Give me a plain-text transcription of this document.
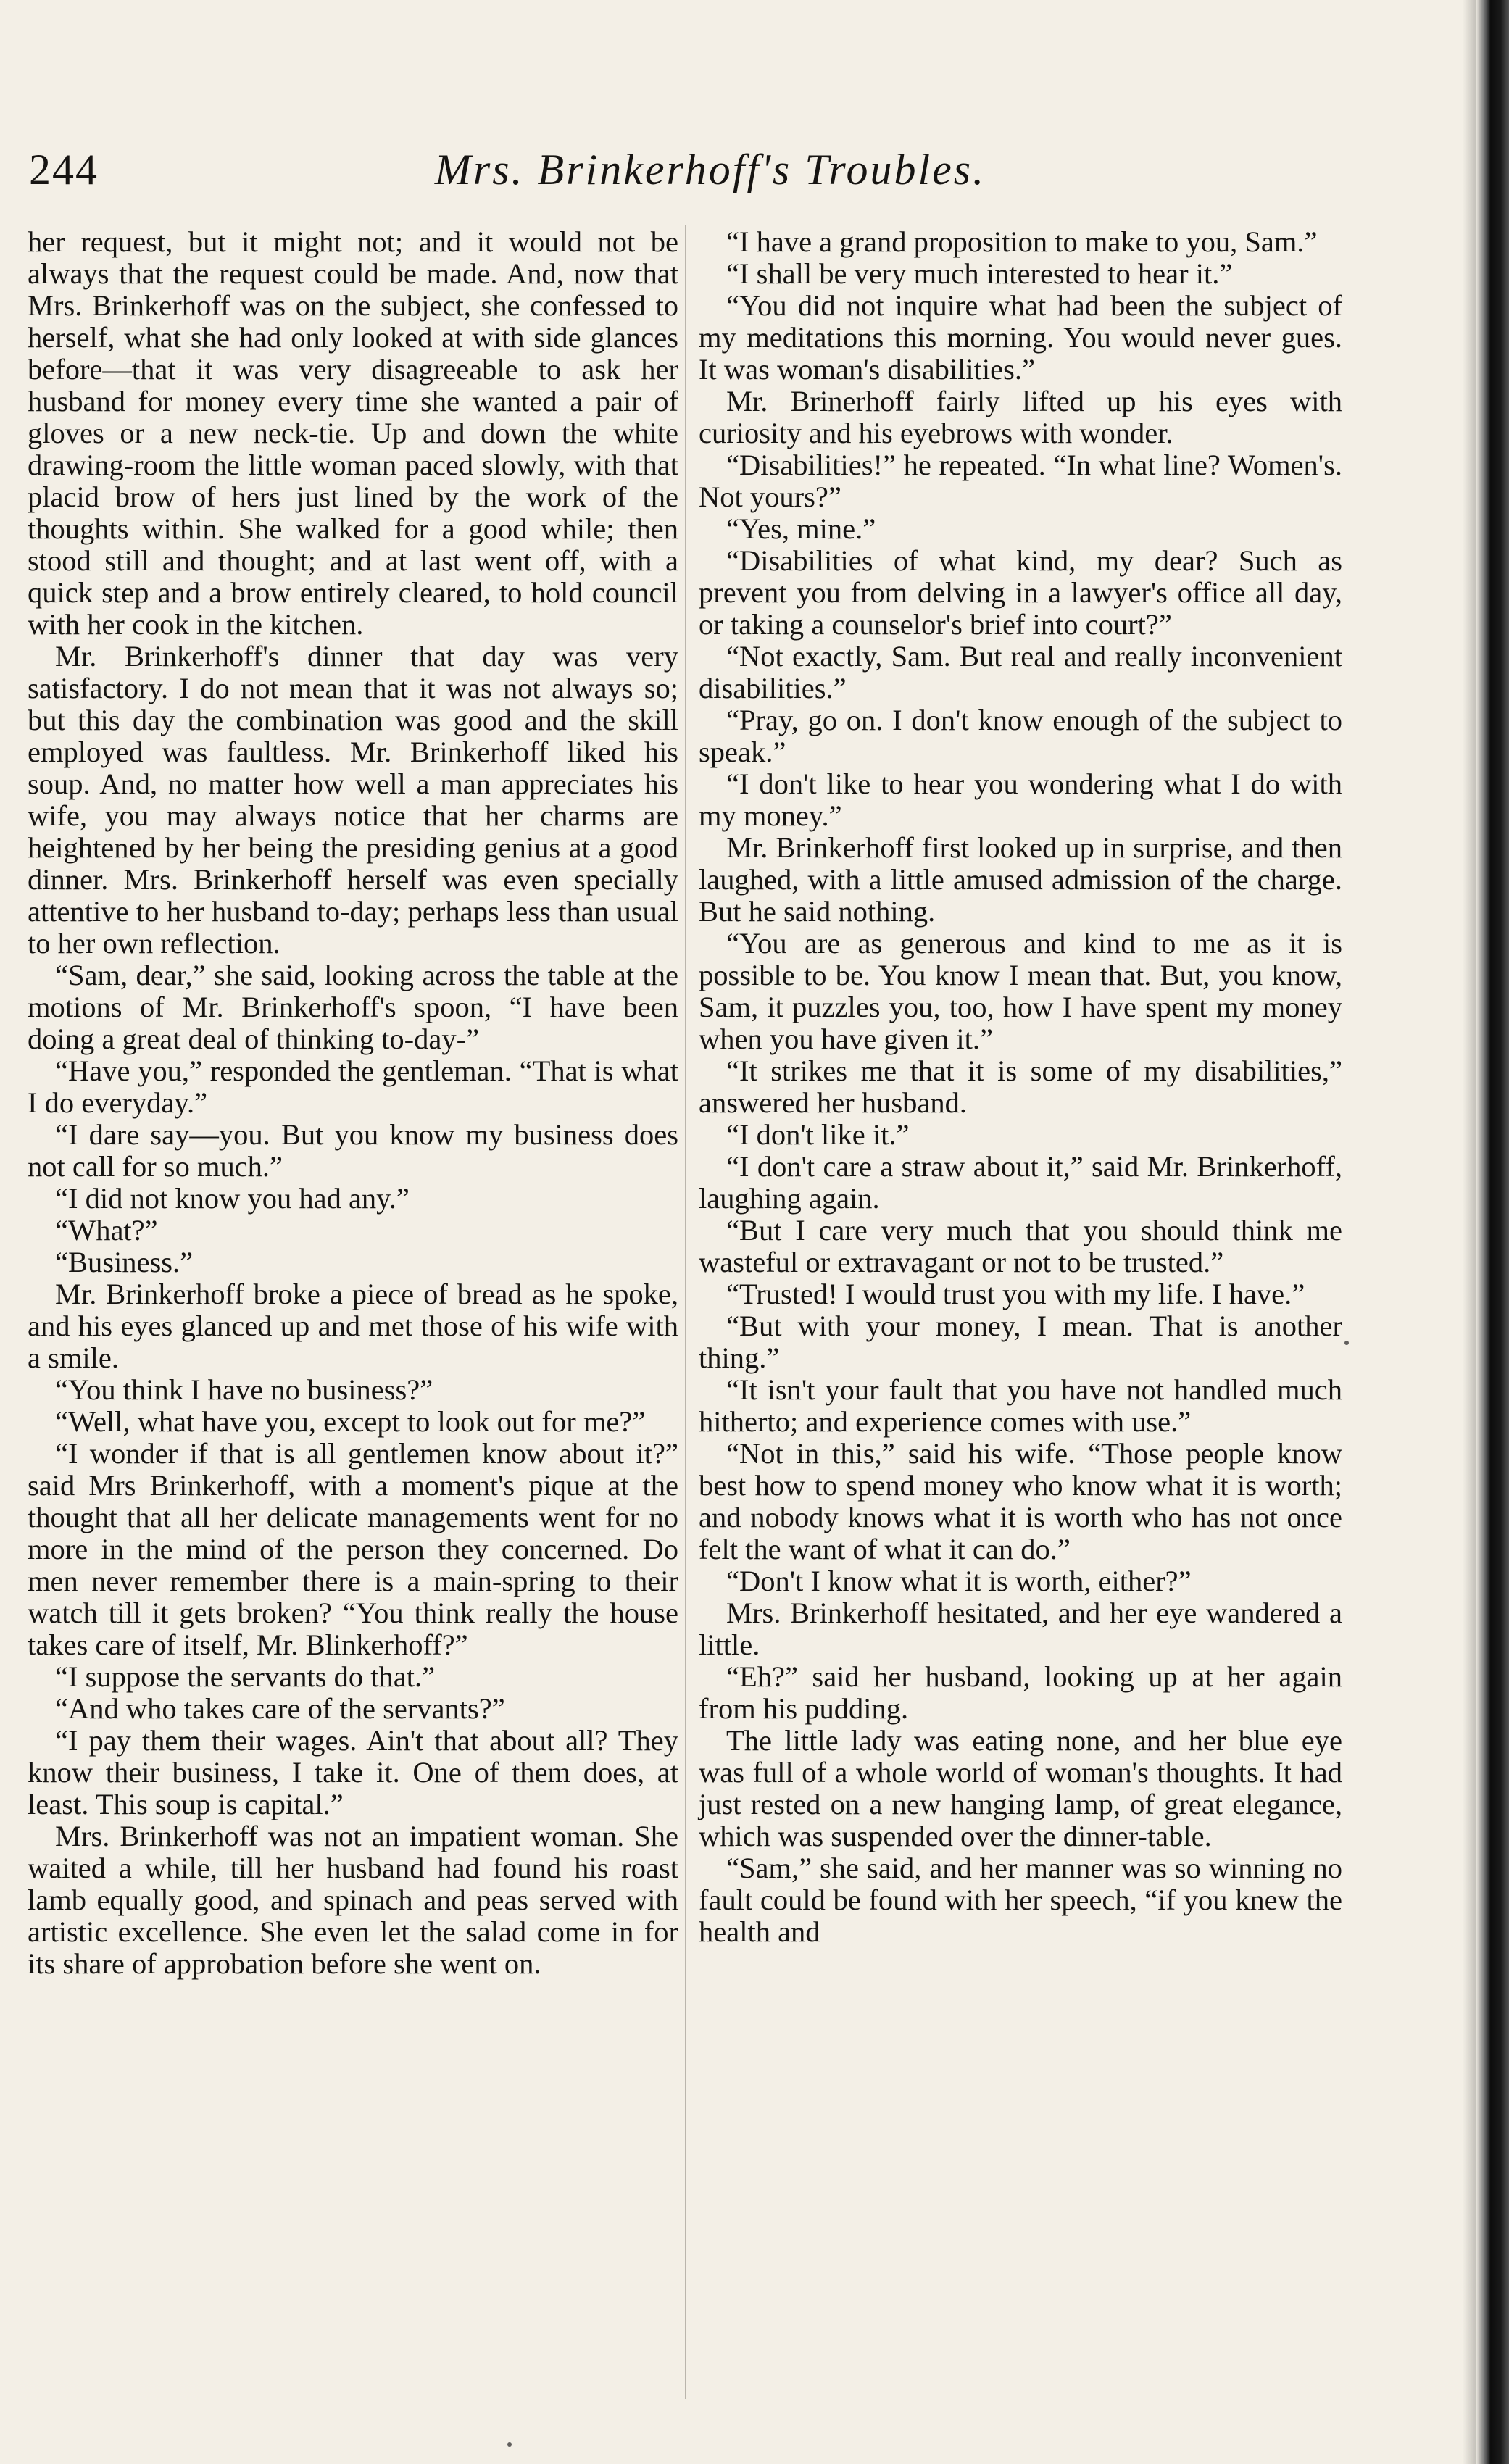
244	Mrs. Brinkerhoff's Troubles.

her request, but it might not; and it would not be always that the request could be made. And, now that Mrs. Brinkerhoff was on the subject, she confessed to herself, what she had only looked at with side glances before—that it was very disagreeable to ask her husband for money every time she wanted a pair of gloves or a new neck-tie. Up and down the white drawing-room the little woman paced slowly, with that placid brow of hers just lined by the work of the thoughts within. She walked for a good while; then stood still and thought; and at last went off, with a quick step and a brow entirely cleared, to hold council with her cook in the kitchen.

Mr. Brinkerhoff's dinner that day was very satisfactory. I do not mean that it was not always so; but this day the combination was good and the skill employed was faultless. Mr. Brinkerhoff liked his soup. And, no matter how well a man appreciates his wife, you may always notice that her charms are heightened by her being the presiding genius at a good dinner. Mrs. Brinkerhoff herself was even specially attentive to her husband to-day; perhaps less than usual to her own reflection.

“Sam, dear,” she said, looking across the table at the motions of Mr. Brinkerhoff's spoon, “I have been doing a great deal of thinking to-day-”

“Have you,” responded the gentleman. “That is what I do everyday.”

“I dare say—you. But you know my business does not call for so much.”

“I did not know you had any.”

“What?”

“Business.”

Mr. Brinkerhoff broke a piece of bread as he spoke, and his eyes glanced up and met those of his wife with a smile.

“You think I have no business?”

“Well, what have you, except to look out for me?”

“I wonder if that is all gentlemen know about it?” said Mrs Brinkerhoff, with a moment's pique at the thought that all her delicate managements went for no more in the mind of the person they concerned. Do men never remember there is a main-spring to their watch till it gets broken? “You think really the house takes care of itself, Mr. Blinkerhoff?”

“I suppose the servants do that.”

“And who takes care of the servants?”

“I pay them their wages. Ain't that about all? They know their business, I take it. One of them does, at least. This soup is capital.”

Mrs. Brinkerhoff was not an impatient woman. She waited a while, till her husband had found his roast lamb equally good, and spinach and peas served with artistic excellence. She even let the salad come in for its share of approbation before she went on.

“I have a grand proposition to make to you, Sam.”

“I shall be very much interested to hear it.”

“You did not inquire what had been the subject of my meditations this morning. You would never gues. It was woman's disabilities.”

Mr. Brinerhoff fairly lifted up his eyes with curiosity and his eyebrows with wonder.

“Disabilities!” he repeated. “In what line? Women's. Not yours?”

“Yes, mine.”

“Disabilities of what kind, my dear? Such as prevent you from delving in a lawyer's office all day, or taking a counselor's brief into court?”

“Not exactly, Sam. But real and really inconvenient disabilities.”

“Pray, go on. I don't know enough of the subject to speak.”

“I don't like to hear you wondering what I do with my money.”

Mr. Brinkerhoff first looked up in surprise, and then laughed, with a little amused admission of the charge. But he said nothing.

“You are as generous and kind to me as it is possible to be. You know I mean that. But, you know, Sam, it puzzles you, too, how I have spent my money when you have given it.”

“It strikes me that it is some of my disabilities,” answered her husband.

“I don't like it.”

“I don't care a straw about it,” said Mr. Brinkerhoff, laughing again.

“But I care very much that you should think me wasteful or extravagant or not to be trusted.”

“Trusted! I would trust you with my life. I have.”

“But with your money, I mean. That is another thing.”

“It isn't your fault that you have not handled much hitherto; and experience comes with use.”

“Not in this,” said his wife. “Those people know best how to spend money who know what it is worth; and nobody knows what it is worth who has not once felt the want of what it can do.”

“Don't I know what it is worth, either?”

Mrs. Brinkerhoff hesitated, and her eye wandered a little.

“Eh?” said her husband, looking up at her again from his pudding.

The little lady was eating none, and her blue eye was full of a whole world of woman's thoughts. It had just rested on a new hanging lamp, of great elegance, which was suspended over the dinner-table.

“Sam,” she said, and her manner was so winning no fault could be found with her speech, “if you knew the health and
